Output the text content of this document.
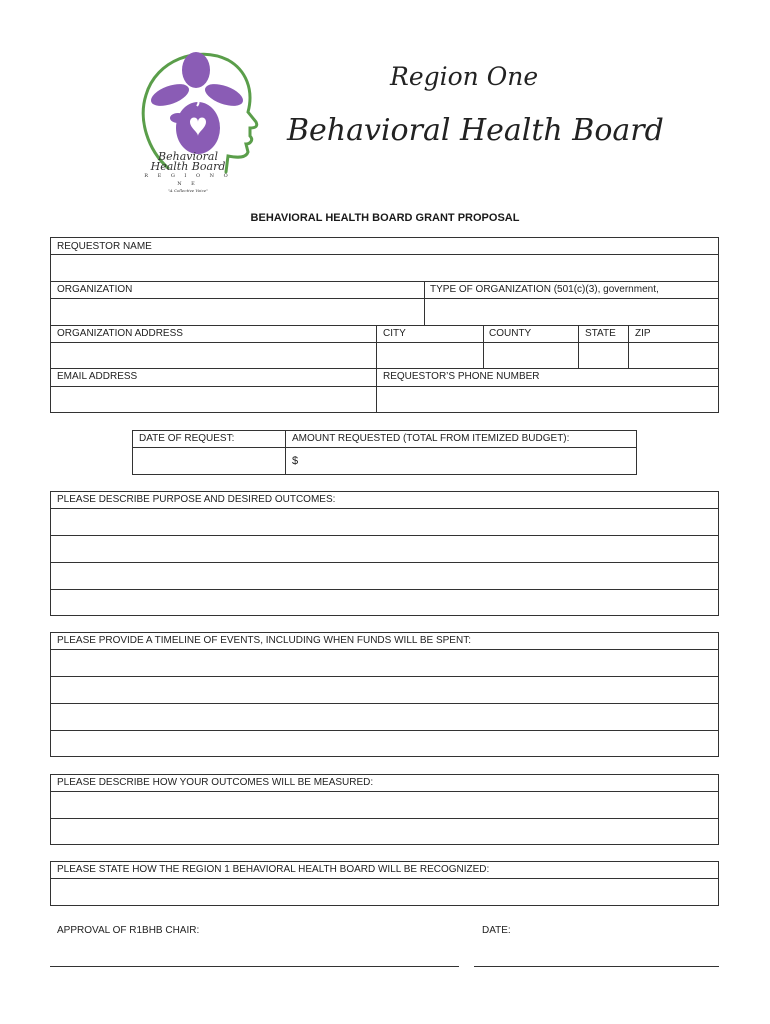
Behavioral
Health Board
R E G I O N O N E
"A Collective Voice"
Region One
Behavioral Health Board
BEHAVIORAL HEALTH BOARD GRANT PROPOSAL
REQUESTOR NAME
ORGANIZATION	TYPE OF ORGANIZATION (501(c)(3), government,
ORGANIZATION ADDRESS	CITY	COUNTY	STATE ZIP
EMAIL ADDRESS	REQUESTOR’S PHONE NUMBER
DATE OF REQUEST:	AMOUNT REQUESTED (TOTAL FROM ITEMIZED BUDGET):
$
PLEASE DESCRIBE PURPOSE AND DESIRED OUTCOMES:
PLEASE PROVIDE A TIMELINE OF EVENTS, INCLUDING WHEN FUNDS WILL BE SPENT:
PLEASE DESCRIBE HOW YOUR OUTCOMES WILL BE MEASURED:
PLEASE STATE HOW THE REGION 1 BEHAVIORAL HEALTH BOARD WILL BE RECOGNIZED:
APPROVAL OF R1BHB CHAIR:	DATE:
